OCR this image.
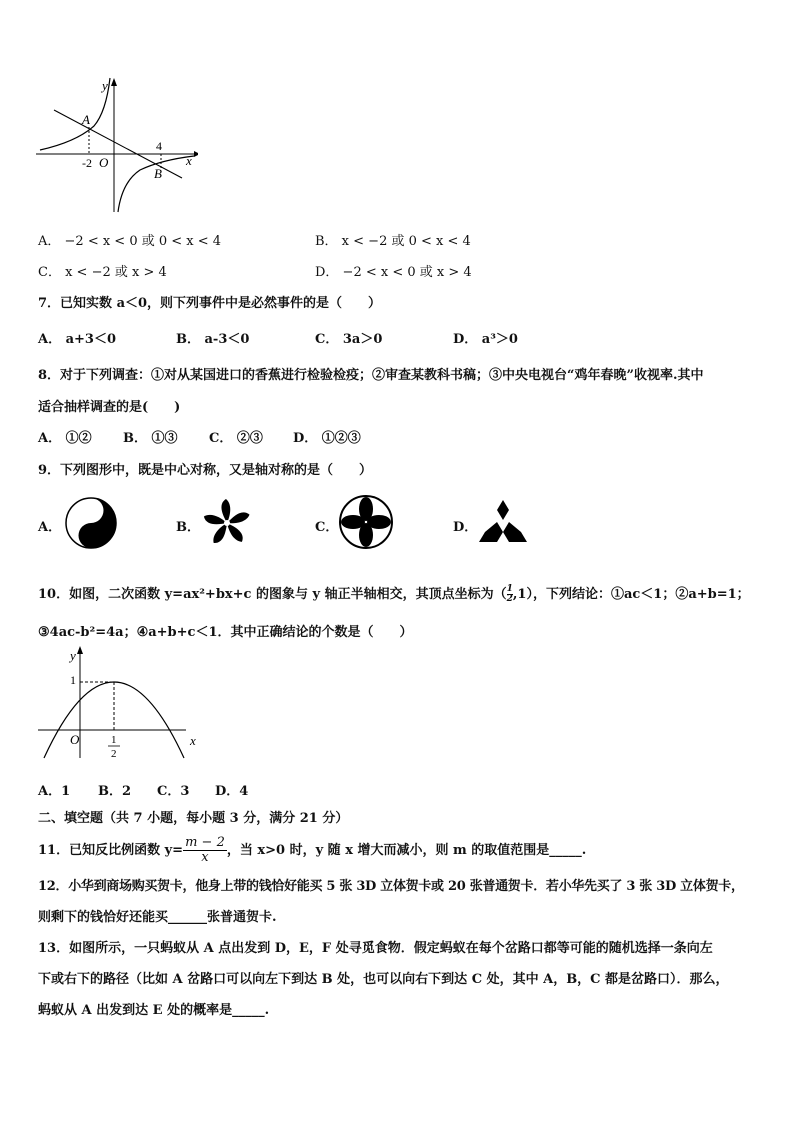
y
x
A
B
-2 O
4
A． −2 < x < 0 或 0 < x < 4	B． x < −2 或 0 < x < 4
C． x < −2 或 x > 4	D． −2 < x < 0 或 x > 4
7．已知实数 a＜0，则下列事件中是必然事件的是（　　）
A． a+3＜0	B． a-3＜0	C． 3a＞0	D． a³＞0
8．对于下列调查：①对从某国进口的香蕉进行检验检疫；②审查某教科书稿；③中央电视台“鸡年春晚”收视率.其中
适合抽样调查的是(　　)
A． ①② B． ①③ C． ②③ D． ①②③
9．下列图形中，既是中心对称，又是轴对称的是（　　）
A．	B．	C．	D．
10．如图，二次函数 y=ax²+bx+c 的图象与 y 轴正半轴相交，其顶点坐标为（ $\frac{1}{2} ,1$），下列结论：①ac＜1；②a+b=1；
③4ac-b²=4a；④a+b+c＜1．其中正确结论的个数是（　　）
y
1
O	1
2
x
A．1 B．2 C．3 D．4
二、填空题（共 7 小题，每小题 3 分，满分 21 分）
11．已知反比例函数 $y= \frac{m - 2}{x}$ ，当 x>0 时，y 随 x 增大而减小，则 m 的取值范围是_____.
12．小华到商场购买贺卡，他身上带的钱恰好能买 5 张 3D 立体贺卡或 20 张普通贺卡．若小华先买了 3 张 3D 立体贺卡，
则剩下的钱恰好还能买______张普通贺卡.
13．如图所示，一只蚂蚁从 A 点出发到 D，E，F 处寻觅食物．假定蚂蚁在每个岔路口都等可能的随机选择一条向左
下或右下的路径（比如 A 岔路口可以向左下到达 B 处，也可以向右下到达 C 处，其中 A，B，C 都是岔路口）．那么，
蚂蚁从 A 出发到达 E 处的概率是_____.
